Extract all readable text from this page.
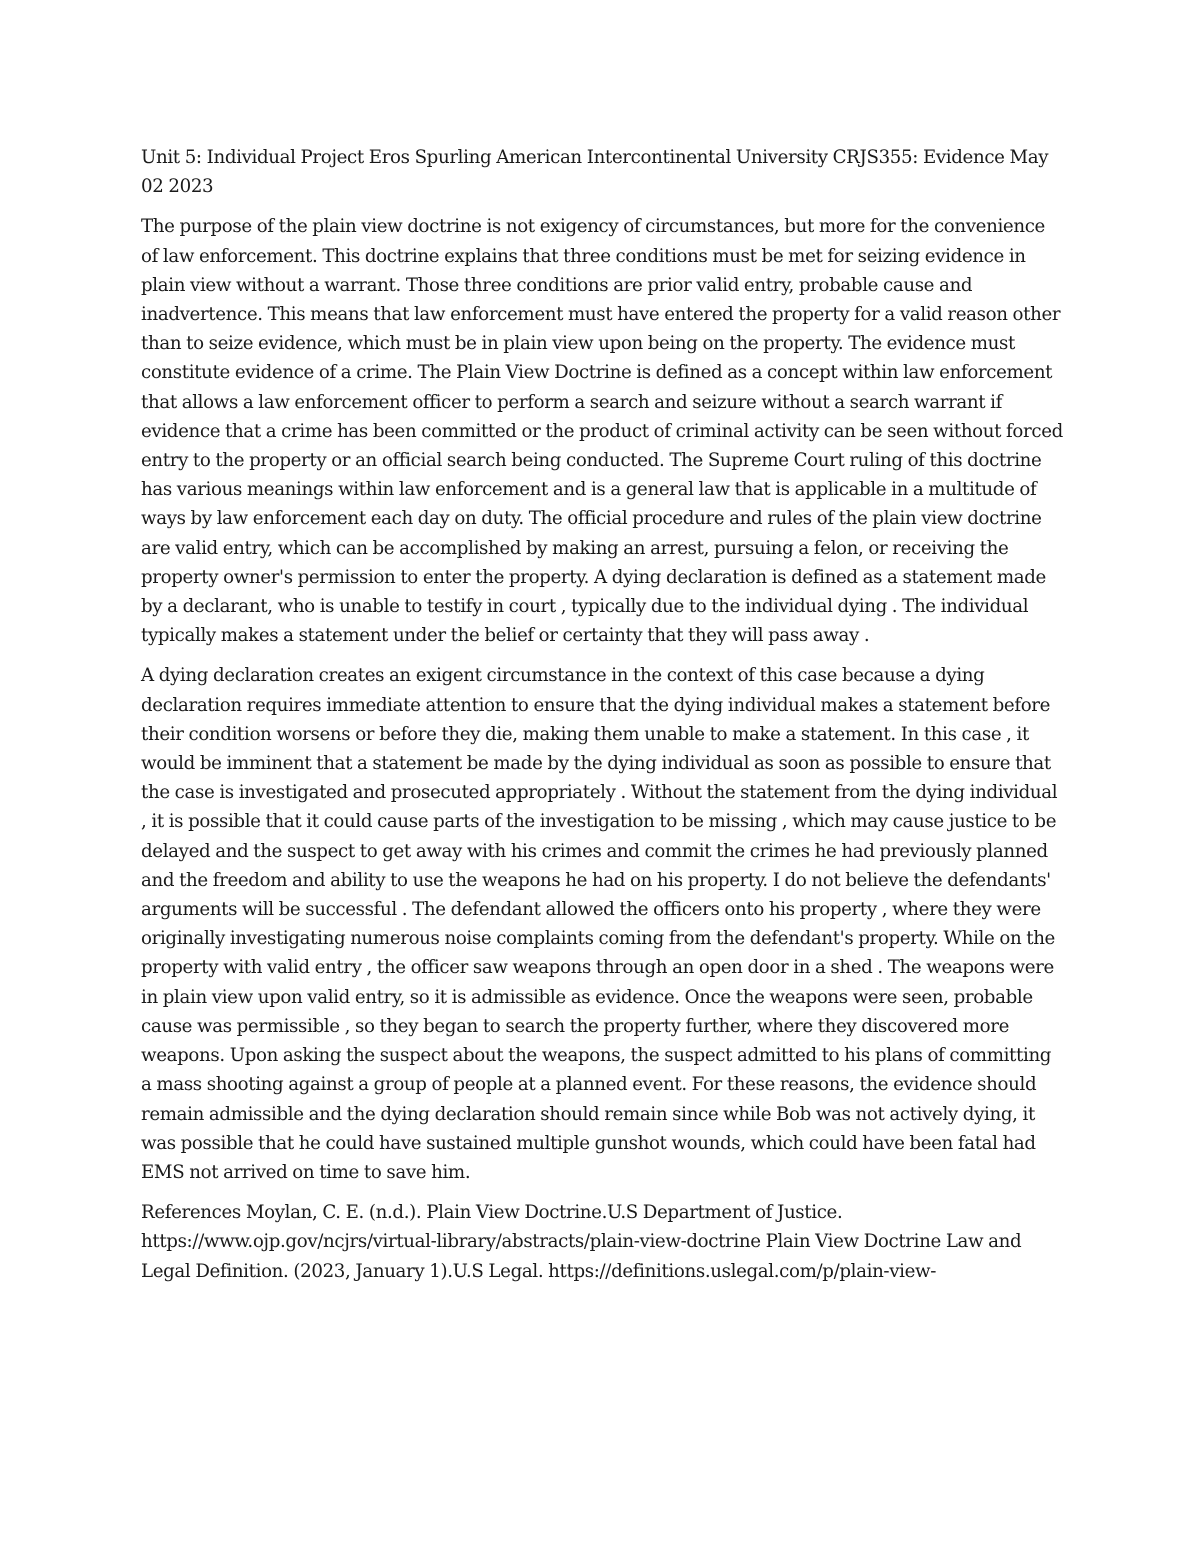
Unit 5: Individual Project Eros Spurling American Intercontinental University CRJS355: Evidence May 02 2023

The purpose of the plain view doctrine is not exigency of circumstances, but more for the convenience of law enforcement. This doctrine explains that three conditions must be met for seizing evidence in plain view without a warrant. Those three conditions are prior valid entry, probable cause and inadvertence. This means that law enforcement must have entered the property for a valid reason other than to seize evidence, which must be in plain view upon being on the property. The evidence must constitute evidence of a crime. The Plain View Doctrine is defined as a concept within law enforcement that allows a law enforcement officer to perform a search and seizure without a search warrant if evidence that a crime has been committed or the product of criminal activity can be seen without forced entry to the property or an official search being conducted. The Supreme Court ruling of this doctrine has various meanings within law enforcement and is a general law that is applicable in a multitude of ways by law enforcement each day on duty. The official procedure and rules of the plain view doctrine are valid entry, which can be accomplished by making an arrest, pursuing a felon, or receiving the property owner's permission to enter the property. A dying declaration is defined as a statement made by a declarant, who is unable to testify in court , typically due to the individual dying . The individual typically makes a statement under the belief or certainty that they will pass away .

A dying declaration creates an exigent circumstance in the context of this case because a dying declaration requires immediate attention to ensure that the dying individual makes a statement before their condition worsens or before they die, making them unable to make a statement. In this case , it would be imminent that a statement be made by the dying individual as soon as possible to ensure that the case is investigated and prosecuted appropriately . Without the statement from the dying individual , it is possible that it could cause parts of the investigation to be missing , which may cause justice to be delayed and the suspect to get away with his crimes and commit the crimes he had previously planned and the freedom and ability to use the weapons he had on his property. I do not believe the defendants' arguments will be successful . The defendant allowed the officers onto his property , where they were originally investigating numerous noise complaints coming from the defendant's property. While on the property with valid entry , the officer saw weapons through an open door in a shed . The weapons were in plain view upon valid entry, so it is admissible as evidence. Once the weapons were seen, probable cause was permissible , so they began to search the property further, where they discovered more weapons. Upon asking the suspect about the weapons, the suspect admitted to his plans of committing a mass shooting against a group of people at a planned event. For these reasons, the evidence should remain admissible and the dying declaration should remain since while Bob was not actively dying, it was possible that he could have sustained multiple gunshot wounds, which could have been fatal had EMS not arrived on time to save him.

References Moylan, C. E. (n.d.). Plain View Doctrine.U.S Department of Justice. https://www.ojp.gov/ncjrs/virtual-library/abstracts/plain-view-doctrine Plain View Doctrine Law and Legal Definition. (2023, January 1).U.S Legal. https://definitions.uslegal.com/p/plain-view-
